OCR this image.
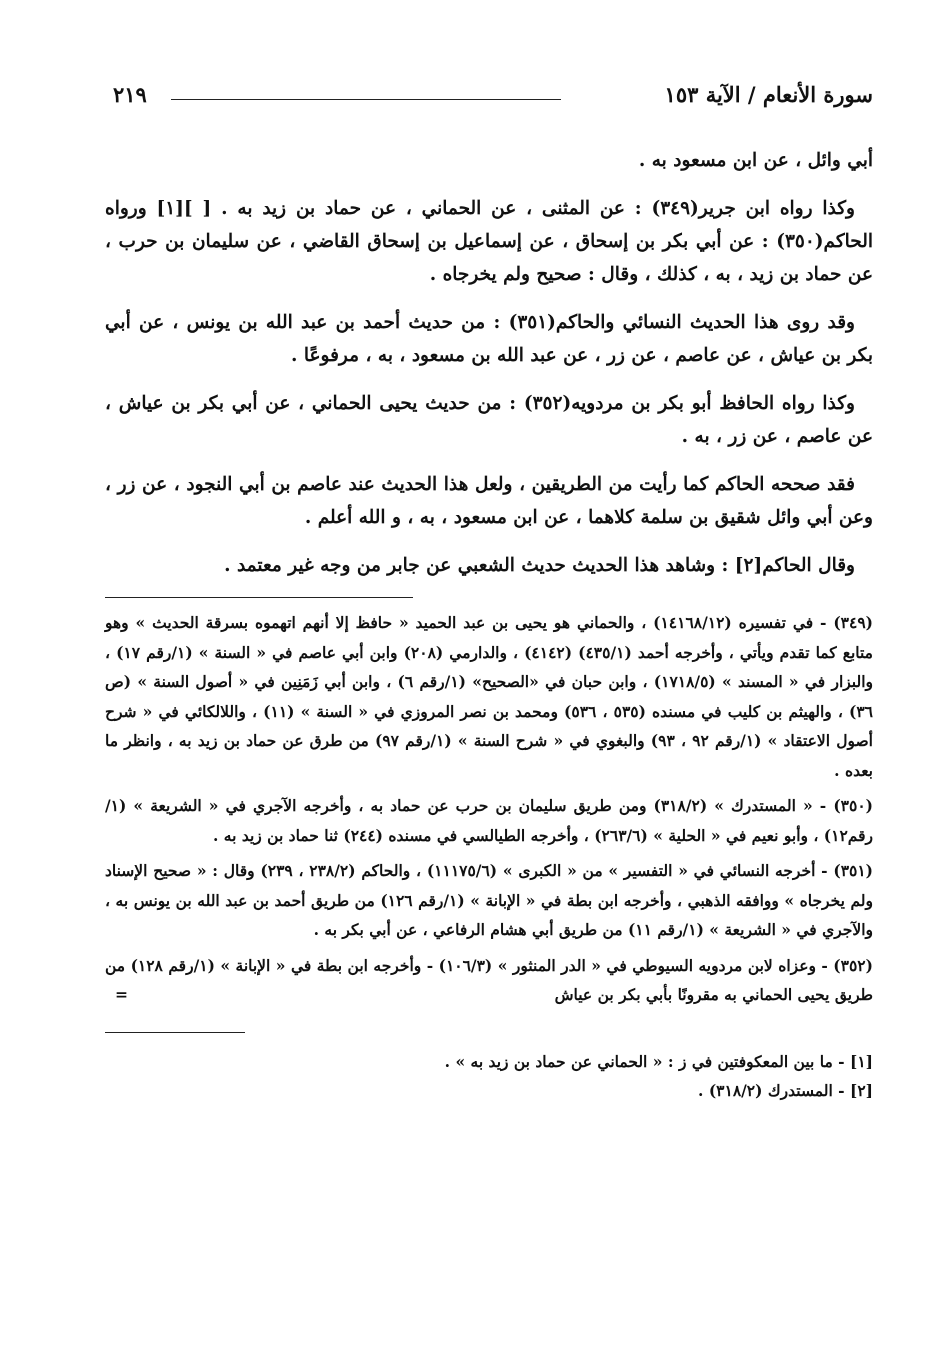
سورة الأنعام / الآية ١٥٣
٢١٩

أبي وائل ، عن ابن مسعود به .

وكذا رواه ابن جرير(٣٤٩) : عن المثنى ، عن الحماني ، عن حماد بن زيد به . [ ][١] ورواه الحاكم(٣٥٠) : عن أبي بكر بن إسحاق ، عن إسماعيل بن إسحاق القاضي ، عن سليمان بن حرب ، عن حماد بن زيد ، به ، كذلك ، وقال : صحيح ولم يخرجاه .

وقد روى هذا الحديث النسائي والحاكم(٣٥١) : من حديث أحمد بن عبد الله بن يونس ، عن أبي بكر بن عياش ، عن عاصم ، عن زر ، عن عبد الله بن مسعود ، به ، مرفوعًا .

وكذا رواه الحافظ أبو بكر بن مردويه(٣٥٢) : من حديث يحيى الحماني ، عن أبي بكر بن عياش ، عن عاصم ، عن زر ، به .

فقد صححه الحاكم كما رأيت من الطريقين ، ولعل هذا الحديث عند عاصم بن أبي النجود ، عن زر ، وعن أبي وائل شقيق بن سلمة كلاهما ، عن ابن مسعود ، به ، و الله أعلم .

وقال الحاكم[٢] : وشاهد هذا الحديث حديث الشعبي عن جابر من وجه غير معتمد .

(٣٤٩) - في تفسيره (١٤١٦٨/١٢) ، والحماني هو يحيى بن عبد الحميد « حافظ إلا أنهم اتهموه بسرقة الحديث » وهو متابع كما تقدم ويأتي ، وأخرجه أحمد (٤٣٥/١) (٤١٤٢) ، والدارمي (٢٠٨) وابن أبي عاصم في « السنة » (١/رقم ١٧) ، والبزار في « المسند » (١٧١٨/٥) ، وابن حبان في «الصحيح» (١/رقم ٦) ، وابن أبي زَمَنِين في « أصول السنة » (ص ٣٦) ، والهيثم بن كليب في مسنده (٥٣٥ ، ٥٣٦) ومحمد بن نصر المروزي في « السنة » (١١) ، واللالكائي في « شرح أصول الاعتقاد » (١/رقم ٩٢ ، ٩٣) والبغوي في « شرح السنة » (١/رقم ٩٧) من طرق عن حماد بن زيد به ، وانظر ما بعده .

(٣٥٠) - « المستدرك » (٣١٨/٢) ومن طريق سليمان بن حرب عن حماد به ، وأخرجه الآجري في « الشريعة » (١/رقم١٢) ، وأبو نعيم في « الحلية » (٢٦٣/٦) ، وأخرجه الطيالسي في مسنده (٢٤٤) ثنا حماد بن زيد به .

(٣٥١) - أخرجه النسائي في « التفسير » من « الكبرى » (١١١٧٥/٦) ، والحاكم (٢٣٨/٢ ، ٢٣٩) وقال : « صحيح الإسناد ولم يخرجاه » ووافقه الذهبي ، وأخرجه ابن بطة في « الإبانة » (١/رقم ١٢٦) من طريق أحمد بن عبد الله بن يونس به ، والآجري في « الشريعة » (١/رقم ١١) من طريق أبي هشام الرفاعي ، عن أبي بكر به .

(٣٥٢) - وعزاه لابن مردويه السيوطي في « الدر المنثور » (١٠٦/٣) - وأخرجه ابن بطة في « الإبانة » (١/رقم ١٢٨) من طريق يحيى الحماني به مقرونًا بأبي بكر بن عياش

=

[١] - ما بين المعكوفتين في ز : « الحماني عن حماد بن زيد به » .

[٢] - المستدرك (٣١٨/٢) .
